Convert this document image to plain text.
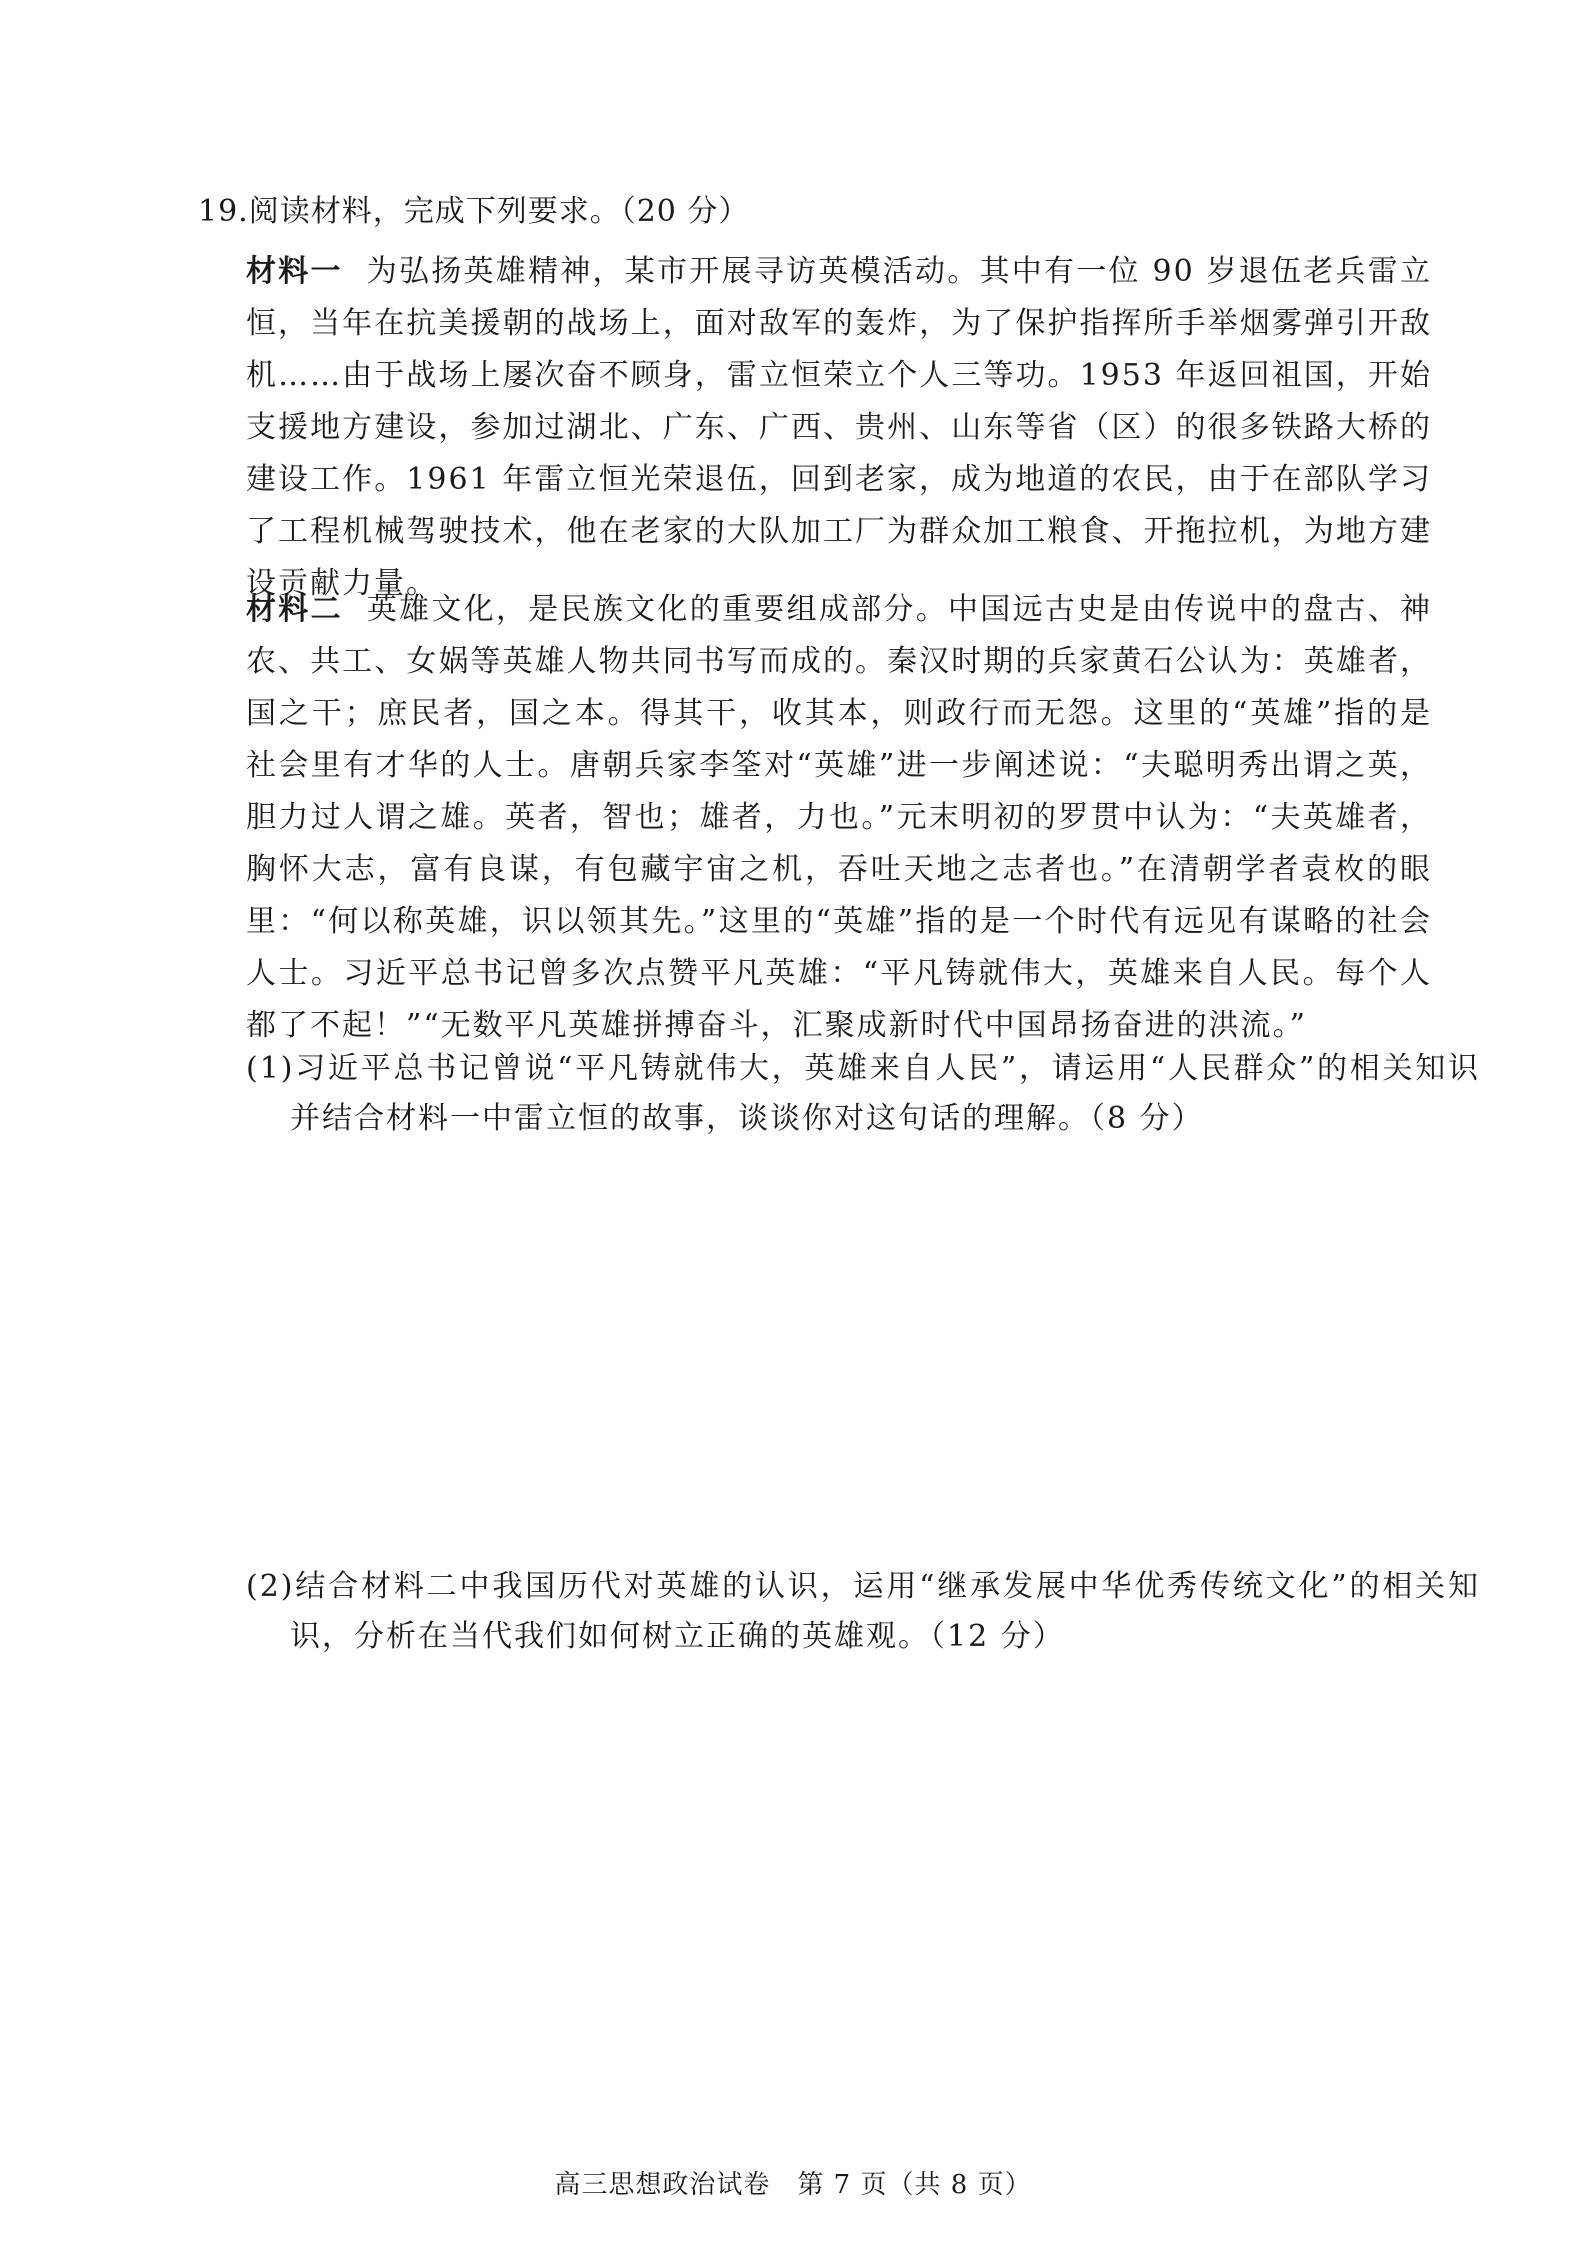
19.阅读材料，完成下列要求。（20 分）
材料一 为弘扬英雄精神，某市开展寻访英模活动。其中有一位 90 岁退伍老兵雷立恒，当年在抗美援朝的战场上，面对敌军的轰炸，为了保护指挥所手举烟雾弹引开敌机……由于战场上屡次奋不顾身，雷立恒荣立个人三等功。1953 年返回祖国，开始支援地方建设，参加过湖北、广东、广西、贵州、山东等省（区）的很多铁路大桥的建设工作。1961 年雷立恒光荣退伍，回到老家，成为地道的农民，由于在部队学习了工程机械驾驶技术，他在老家的大队加工厂为群众加工粮食、开拖拉机，为地方建设贡献力量。
材料二 英雄文化，是民族文化的重要组成部分。中国远古史是由传说中的盘古、神农、共工、女娲等英雄人物共同书写而成的。秦汉时期的兵家黄石公认为：英雄者，国之干；庶民者，国之本。得其干，收其本，则政行而无怨。这里的“英雄”指的是社会里有才华的人士。唐朝兵家李筌对“英雄”进一步阐述说：“夫聪明秀出谓之英，胆力过人谓之雄。英者，智也；雄者，力也。”元末明初的罗贯中认为：“夫英雄者，胸怀大志，富有良谋，有包藏宇宙之机，吞吐天地之志者也。”在清朝学者袁枚的眼里：“何以称英雄，识以领其先。”这里的“英雄”指的是一个时代有远见有谋略的社会人士。习近平总书记曾多次点赞平凡英雄：“平凡铸就伟大，英雄来自人民。每个人都了不起！”“无数平凡英雄拼搏奋斗，汇聚成新时代中国昂扬奋进的洪流。”
(1)习近平总书记曾说“平凡铸就伟大，英雄来自人民”，请运用“人民群众”的相关知识并结合材料一中雷立恒的故事，谈谈你对这句话的理解。（8 分）
(2)结合材料二中我国历代对英雄的认识，运用“继承发展中华优秀传统文化”的相关知识，分析在当代我们如何树立正确的英雄观。（12 分）
高三思想政治试卷　第 7 页（共 8 页）
